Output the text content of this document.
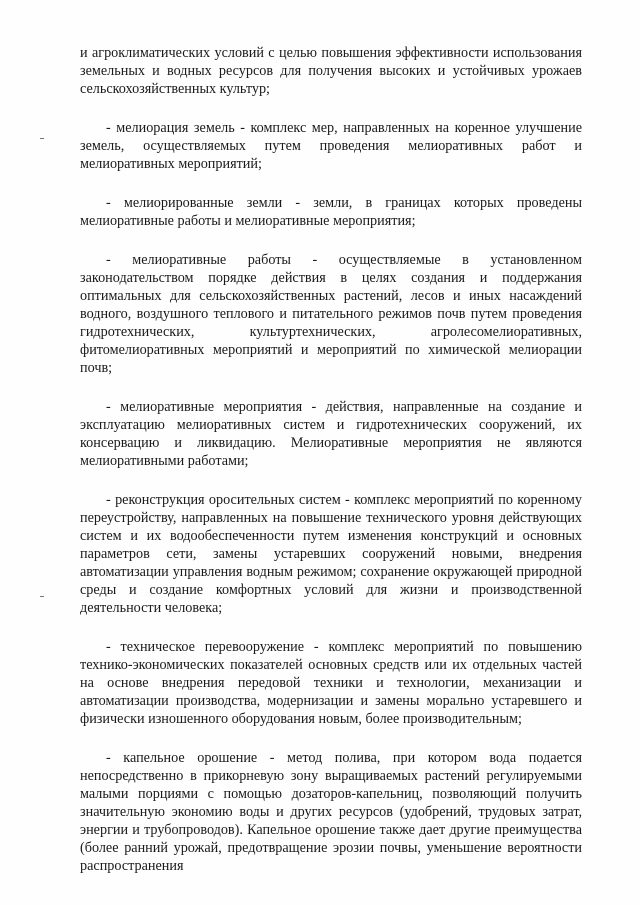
и агроклиматических условий с целью повышения эффективности использования земельных и водных ресурсов для получения высоких и устойчивых урожаев сельскохозяйственных культур;

- мелиорация земель - комплекс мер, направленных на коренное улучшение земель, осуществляемых путем проведения мелиоративных работ и мелиоративных мероприятий;

- мелиорированные земли - земли, в границах которых проведены мелиоративные работы и мелиоративные мероприятия;

- мелиоративные работы - осуществляемые в установленном законодательством порядке действия в целях создания и поддержания оптимальных для сельскохозяйственных растений, лесов и иных насаждений водного, воздушного теплового и питательного режимов почв путем проведения гидротехнических, культуртехнических, агролесомелиоративных, фитомелиоративных мероприятий и мероприятий по химической мелиорации почв;

- мелиоративные мероприятия - действия, направленные на создание и эксплуатацию мелиоративных систем и гидротехнических сооружений, их консервацию и ликвидацию. Мелиоративные мероприятия не являются мелиоративными работами;

- реконструкция оросительных систем - комплекс мероприятий по коренному переустройству, направленных на повышение технического уровня действующих систем и их водообеспеченности путем изменения конструкций и основных параметров сети, замены устаревших сооружений новыми, внедрения автоматизации управления водным режимом; сохранение окружающей природной среды и создание комфортных условий для жизни и производственной деятельности человека;

- техническое перевооружение - комплекс мероприятий по повышению технико-экономических показателей основных средств или их отдельных частей на основе внедрения передовой техники и технологии, механизации и автоматизации производства, модернизации и замены морально устаревшего и физически изношенного оборудования новым, более производительным;

- капельное орошение - метод полива, при котором вода подается непосредственно в прикорневую зону выращиваемых растений регулируемыми малыми порциями с помощью дозаторов-капельниц, позволяющий получить значительную экономию воды и других ресурсов (удобрений, трудовых затрат, энергии и трубопроводов). Капельное орошение также дает другие преимущества (более ранний урожай, предотвращение эрозии почвы, уменьшение вероятности распространения
